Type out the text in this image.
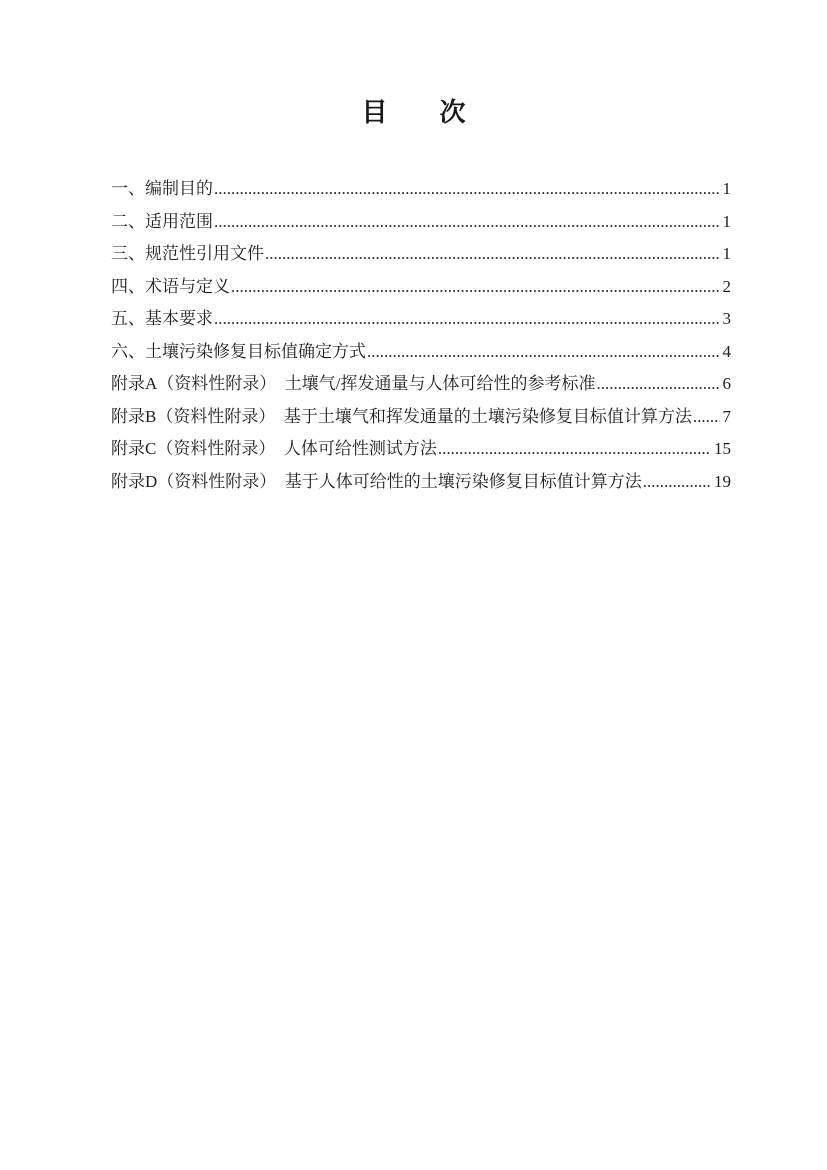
目　　次
一、编制目的 .....	1
二、适用范围 .....	1
三、规范性引用文件 .....	1
四、术语与定义 .....	2
五、基本要求 .....	3
六、土壤污染修复目标值确定方式 .....	4
附录A（资料性附录）　土壤气/挥发通量与人体可给性的参考标准 .....	6
附录B（资料性附录）　基于土壤气和挥发通量的土壤污染修复目标值计算方法 ..... 7
附录C（资料性附录）　人体可给性测试方法 .....	15
附录D（资料性附录）　基于人体可给性的土壤污染修复目标值计算方法 .....	19
